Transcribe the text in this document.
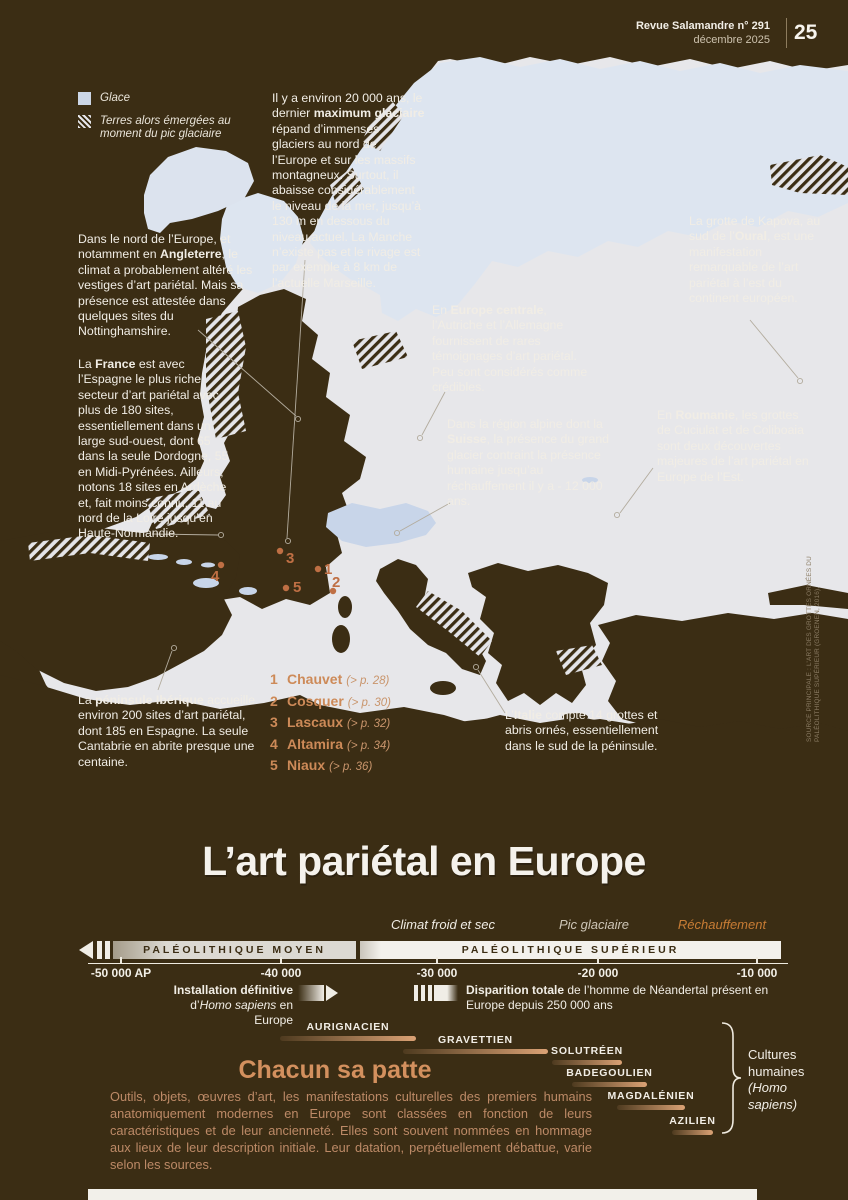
Revue Salamandre n° 291
décembre 2025 25
Glace
Terres alors émergées au moment du pic glaciaire
Il y a environ 20 000 ans, le dernier maximum glaciaire répand d’immenses glaciers au nord de l’Europe et sur les massifs montagneux. Surtout, il abaisse considérablement le niveau de la mer, jusqu’à 130 m en dessous du niveau actuel. La Manche n’existe pas et le rivage est par exemple à 8 km de l’actuelle Marseille.
Dans le nord de l’Europe, et notamment en Angleterre, le climat a probablement altéré les vestiges d’art pariétal. Mais sa présence est attestée dans quelques sites du Nottinghamshire.
La grotte de Kapova, au sud de l’Oural, est une manifestation remarquable de l’art pariétal à l’est du continent européen.
En Europe centrale, l’Autriche et l’Allemagne fournissent de rares témoignages d’art pariétal. Peu sont considérés comme crédibles.
La France est avec l’Espagne le plus riche secteur d’art pariétal avec plus de 180 sites, essentiellement dans un large sud-ouest, dont 65 dans la seule Dordogne, 55 en Midi-Pyrénées. Ailleurs, notons 18 sites en Ardèche et, fait moins connu, 11 au nord de la Loire jusqu’en Haute-Normandie.
Dans la région alpine dont la Suisse, la présence du grand glacier contraint la présence humaine jusqu’au réchauffement il y a - 12 000 ans.
En Roumanie, les grottes de Cuciulat et de Coliboaia sont deux découvertes majeures de l’art pariétal en Europe de l’Est.
La péninsule Ibérique accueille environ 200 sites d’art pariétal, dont 185 en Espagne. La seule Cantabrie en abrite presque une centaine.
L’Italie compte 14 grottes et abris ornés, essentiellement dans le sud de la péninsule.
1 Chauvet (> p. 28)
2 Cosquer (> p. 30)
3 Lascaux (> p. 32)
4 Altamira (> p. 34)
5 Niaux (> p. 36)
1
2
3
4
5	SOURCE PRINCIPALE : L’ART DES GROTTES ORNÉES DU PALÉOLITHIQUE SUPÉRIEUR (GROENEN, 2016).
L’art pariétal en Europe
Climat froid et sec	Pic glaciaire	Réchauffement
PALÉOLITHIQUE MOYEN	PALÉOLITHIQUE SUPÉRIEUR
-50 000 AP	-40 000	-30 000	-20 000	-10 000
Installation définitive
d’Homo sapiens en Europe
Disparition totale de l’homme de Néandertal présent en Europe depuis 250 000 ans
AURIGNACIEN
GRAVETTIEN
SOLUTRÉEN
BADEGOULIEN
MAGDALÉNIEN
AZILIEN
Cultures humaines (Homo sapiens)
Chacun sa patte
Outils, objets, œuvres d’art, les manifestations culturelles des premiers humains anatomiquement modernes en Europe sont classées en fonction de leurs caractéristiques et de leur ancienneté. Elles sont souvent nommées en hommage aux lieux de leur description initiale. Leur datation, perpétuellement débattue, varie selon les sources.
